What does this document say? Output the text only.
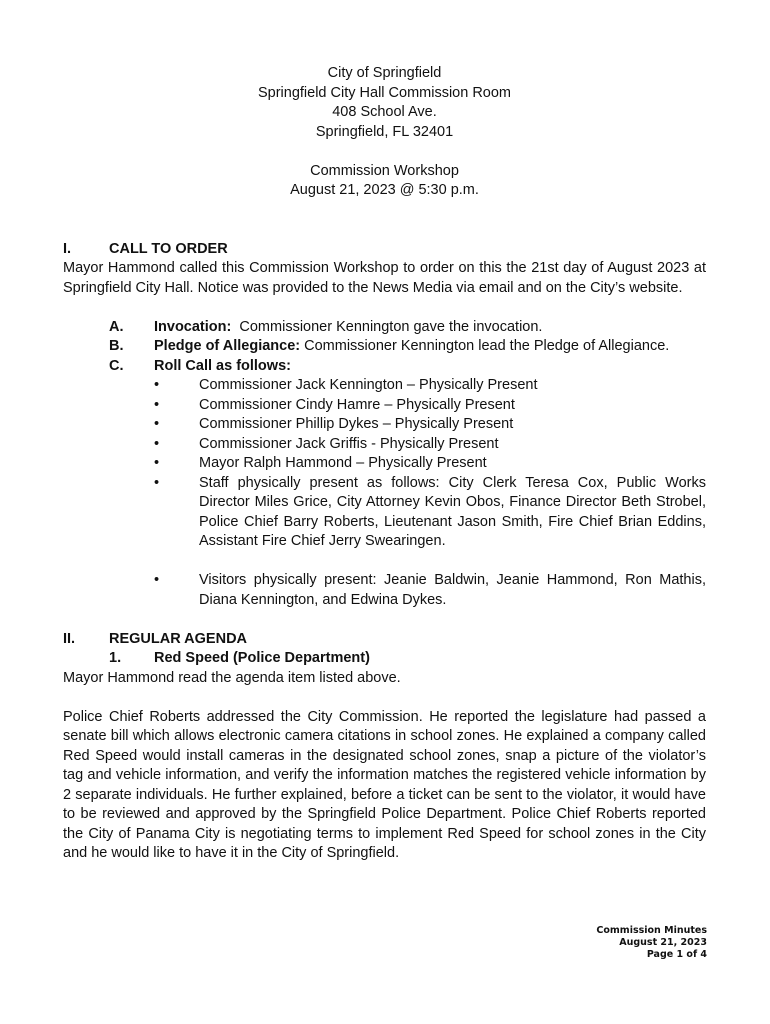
City of Springfield
Springfield City Hall Commission Room
408 School Ave.
Springfield, FL 32401
Commission Workshop
August 21, 2023 @ 5:30 p.m.
I.	CALL TO ORDER
Mayor Hammond called this Commission Workshop to order on this the 21st day of August 2023 at Springfield City Hall. Notice was provided to the News Media via email and on the City’s website.
A.	Invocation:  Commissioner Kennington gave the invocation.
B.	Pledge of Allegiance: Commissioner Kennington lead the Pledge of Allegiance.
C.	Roll Call as follows:
•	Commissioner Jack Kennington – Physically Present
•	Commissioner Cindy Hamre – Physically Present
•	Commissioner Phillip Dykes – Physically Present
•	Commissioner Jack Griffis - Physically Present
•	Mayor Ralph Hammond – Physically Present
•	Staff physically present as follows: City Clerk Teresa Cox, Public Works Director Miles Grice, City Attorney Kevin Obos, Finance Director Beth Strobel, Police Chief Barry Roberts, Lieutenant Jason Smith, Fire Chief Brian Eddins, Assistant Fire Chief Jerry Swearingen.
•	Visitors physically present: Jeanie Baldwin, Jeanie Hammond, Ron Mathis, Diana Kennington, and Edwina Dykes.
II.	REGULAR AGENDA
1.	Red Speed (Police Department)
Mayor Hammond read the agenda item listed above.
Police Chief Roberts addressed the City Commission. He reported the legislature had passed a senate bill which allows electronic camera citations in school zones. He explained a company called Red Speed would install cameras in the designated school zones, snap a picture of the violator’s tag and vehicle information, and verify the information matches the registered vehicle information by 2 separate individuals. He further explained, before a ticket can be sent to the violator, it would have to be reviewed and approved by the Springfield Police Department. Police Chief Roberts reported the City of Panama City is negotiating terms to implement Red Speed for school zones in the City and he would like to have it in the City of Springfield.
Commission Minutes
August 21, 2023
Page 1 of 4
